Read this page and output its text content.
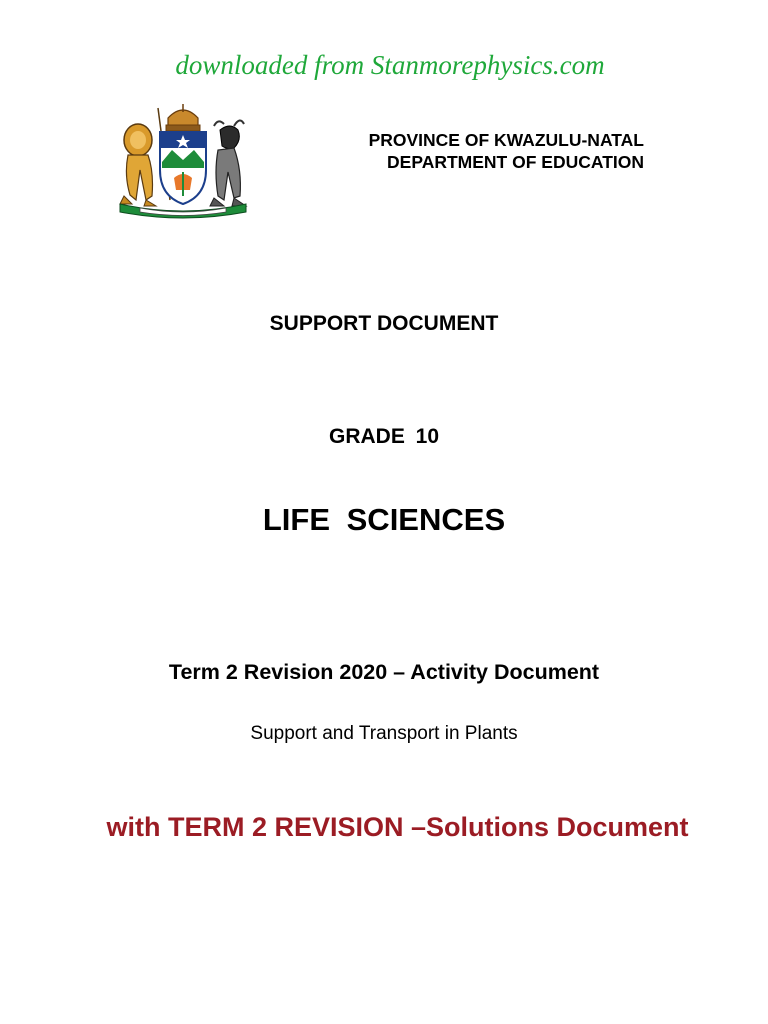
downloaded from Stanmorephysics.com
PROVINCE OF KWAZULU-NATAL
DEPARTMENT OF EDUCATION
SUPPORT DOCUMENT
GRADE 10
LIFE SCIENCES
Term 2 Revision 2020 – Activity Document
Support and Transport in Plants
with TERM 2 REVISION –Solutions Document
